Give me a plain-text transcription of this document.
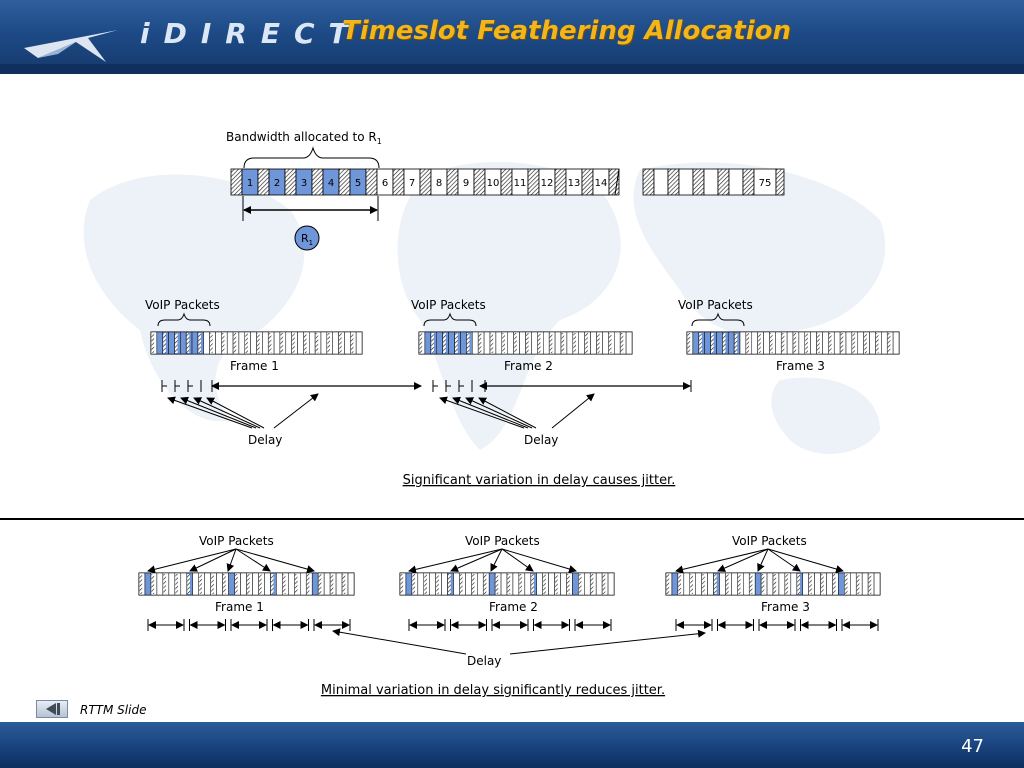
iDIRECT
Timeslot Feathering Allocation
Bandwidth allocated to $R_1$
1 2 3 4 5 6 7 8 9 10 11 12 13 14	75
$R_1$
VoIP Packets	VoIP Packets	VoIP Packets
Frame 1	Frame 2	Frame 3
Delay	Delay
Significant variation in delay causes jitter.
VoIP Packets	VoIP Packets	VoIP Packets
Frame 1	Frame 2	Frame 3
Delay
Minimal variation in delay significantly reduces jitter.
RTTM Slide
47
